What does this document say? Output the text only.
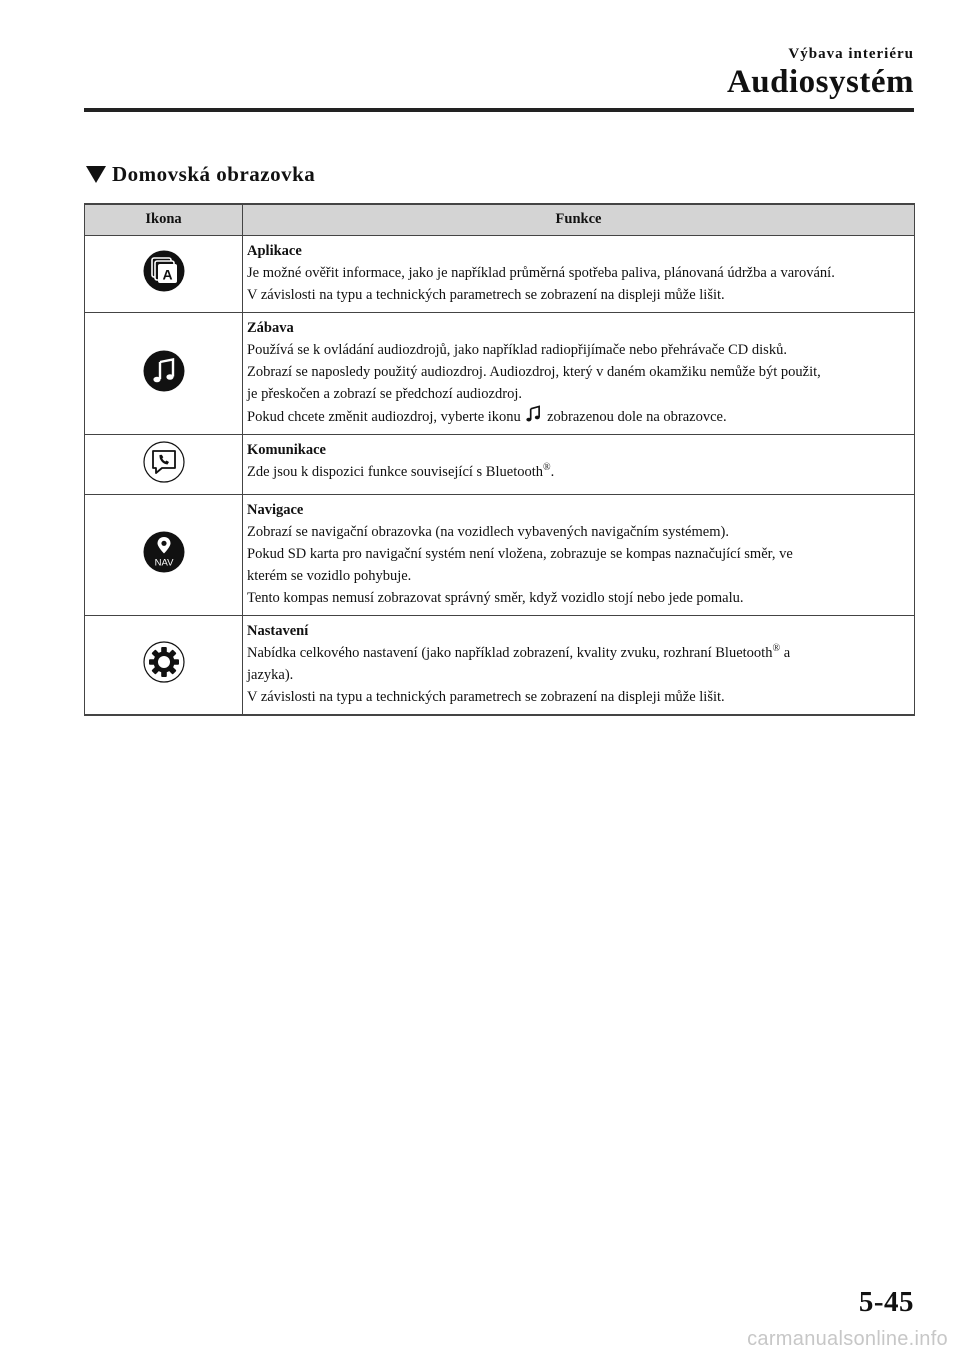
Výbava interiéru
Audiosystém
Domovská obrazovka
Ikona	Funkce

A	Aplikace
Je možné ověřit informace, jako je například průměrná spotřeba paliva, plánovaná údržba a varování.
V závislosti na typu a technických parametrech se zobrazení na displeji může lišit.

Zábava
Používá se k ovládání audiozdrojů, jako například radiopřijímače nebo přehrávače CD disků.
Zobrazí se naposledy použitý audiozdroj. Audiozdroj, který v daném okamžiku nemůže být použit,
je přeskočen a zobrazí se předchozí audiozdroj.
Pokud chcete změnit audiozdroj, vyberte ikonu zobrazenou dole na obrazovce.

Komunikace
Zde jsou k dispozici funkce související s Bluetooth®.

NAV	Navigace
Zobrazí se navigační obrazovka (na vozidlech vybavených navigačním systémem).
Pokud SD karta pro navigační systém není vložena, zobrazuje se kompas naznačující směr, ve
kterém se vozidlo pohybuje.
Tento kompas nemusí zobrazovat správný směr, když vozidlo stojí nebo jede pomalu.

Nastavení
Nabídka celkového nastavení (jako například zobrazení, kvality zvuku, rozhraní Bluetooth® a
jazyka).
V závislosti na typu a technických parametrech se zobrazení na displeji může lišit.
5-45
carmanualsonline.info
